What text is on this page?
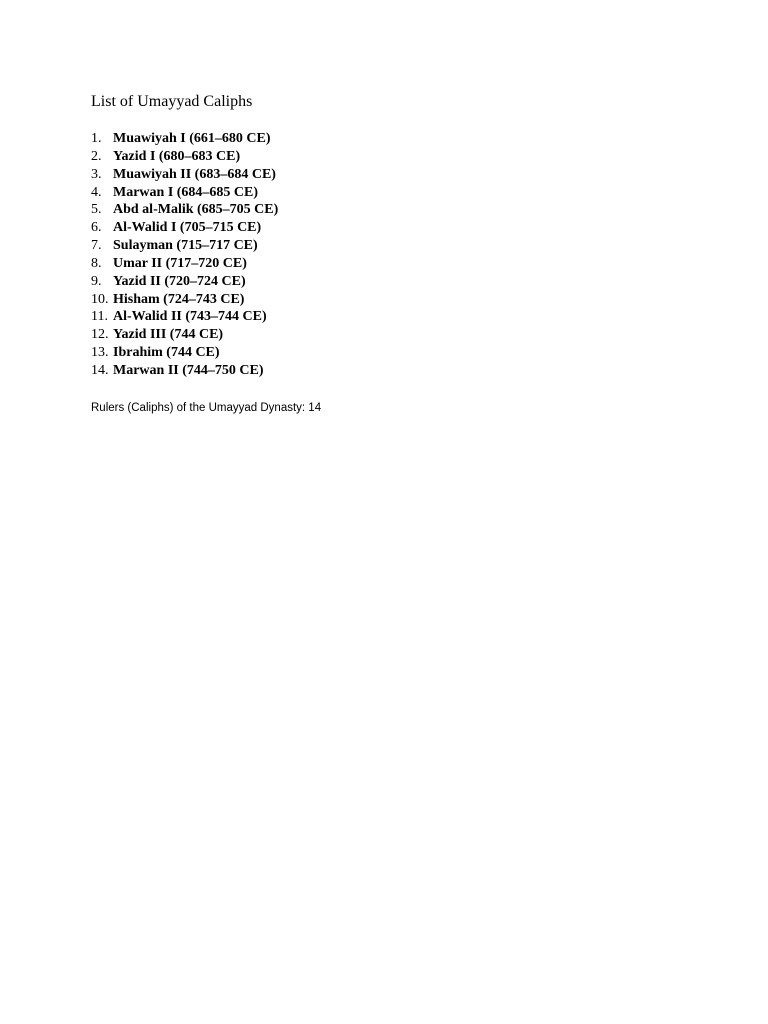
List of Umayyad Caliphs
1. Muawiyah I (661–680 CE)
2. Yazid I (680–683 CE)
3. Muawiyah II (683–684 CE)
4. Marwan I (684–685 CE)
5. Abd al-Malik (685–705 CE)
6. Al-Walid I (705–715 CE)
7. Sulayman (715–717 CE)
8. Umar II (717–720 CE)
9. Yazid II (720–724 CE)
10. Hisham (724–743 CE)
11. Al-Walid II (743–744 CE)
12. Yazid III (744 CE)
13. Ibrahim (744 CE)
14. Marwan II (744–750 CE)

Rulers (Caliphs) of the Umayyad Dynasty: 14
